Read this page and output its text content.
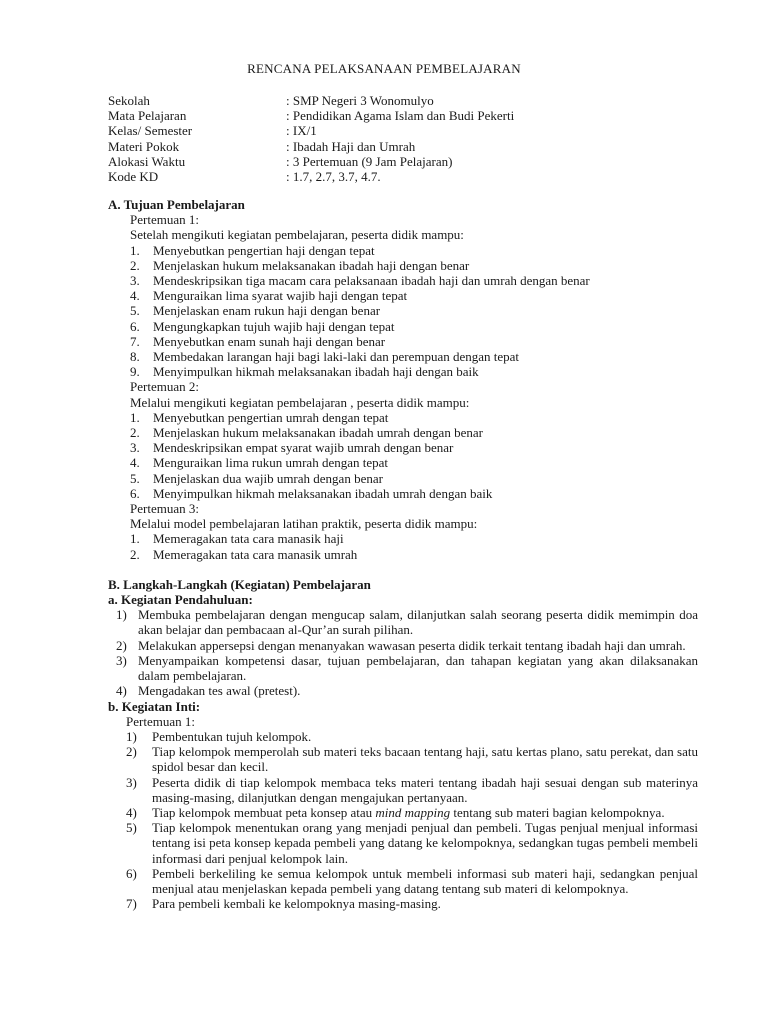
RENCANA PELAKSANAAN PEMBELAJARAN
Sekolah	: SMP Negeri 3 Wonomulyo
Mata Pelajaran	: Pendidikan Agama Islam dan Budi Pekerti
Kelas/ Semester	: IX/1
Materi Pokok	: Ibadah Haji dan Umrah
Alokasi Waktu	: 3 Pertemuan (9 Jam Pelajaran)
Kode KD	: 1.7, 2.7, 3.7, 4.7.
A. Tujuan Pembelajaran
Pertemuan 1:
Setelah mengikuti kegiatan pembelajaran, peserta didik mampu:
1. Menyebutkan pengertian haji dengan tepat
2. Menjelaskan hukum melaksanakan ibadah haji dengan benar
3. Mendeskripsikan tiga macam cara pelaksanaan ibadah haji dan umrah dengan benar
4. Menguraikan lima syarat wajib haji dengan tepat
5. Menjelaskan enam rukun haji dengan benar
6. Mengungkapkan tujuh wajib haji dengan tepat
7. Menyebutkan enam sunah haji dengan benar
8. Membedakan larangan haji bagi laki-laki dan perempuan dengan tepat
9. Menyimpulkan hikmah melaksanakan ibadah haji dengan baik
Pertemuan 2:
Melalui mengikuti kegiatan pembelajaran , peserta didik mampu:
1. Menyebutkan pengertian umrah dengan tepat
2. Menjelaskan hukum melaksanakan ibadah umrah dengan benar
3. Mendeskripsikan empat syarat wajib umrah dengan benar
4. Menguraikan lima rukun umrah dengan tepat
5. Menjelaskan dua wajib umrah dengan benar
6. Menyimpulkan hikmah melaksanakan ibadah umrah dengan baik
Pertemuan 3:
Melalui model pembelajaran latihan praktik, peserta didik mampu:
1. Memeragakan tata cara manasik haji
2. Memeragakan tata cara manasik umrah
B. Langkah-Langkah (Kegiatan) Pembelajaran
a. Kegiatan Pendahuluan:
1) Membuka pembelajaran dengan mengucap salam, dilanjutkan salah seorang peserta didik memimpin doa akan belajar dan pembacaan al-Qur’an surah pilihan.
2) Melakukan appersepsi dengan menanyakan wawasan peserta didik terkait tentang ibadah haji dan umrah.
3) Menyampaikan kompetensi dasar, tujuan pembelajaran, dan tahapan kegiatan yang akan dilaksanakan dalam pembelajaran.
4) Mengadakan tes awal (pretest).
b. Kegiatan Inti:
Pertemuan 1:
1) Pembentukan tujuh kelompok.
2) Tiap kelompok memperolah sub materi teks bacaan tentang haji, satu kertas plano, satu perekat, dan satu spidol besar dan kecil.
3) Peserta didik di tiap kelompok membaca teks materi tentang ibadah haji sesuai dengan sub materinya masing-masing, dilanjutkan dengan mengajukan pertanyaan.
4) Tiap kelompok membuat peta konsep atau mind mapping tentang sub materi bagian kelompoknya.
5) Tiap kelompok menentukan orang yang menjadi penjual dan pembeli. Tugas penjual menjual informasi tentang isi peta konsep kepada pembeli yang datang ke kelompoknya, sedangkan tugas pembeli membeli informasi dari penjual kelompok lain.
6) Pembeli berkeliling ke semua kelompok untuk membeli informasi sub materi haji, sedangkan penjual menjual atau menjelaskan kepada pembeli yang datang tentang sub materi di kelompoknya.
7) Para pembeli kembali ke kelompoknya masing-masing.
